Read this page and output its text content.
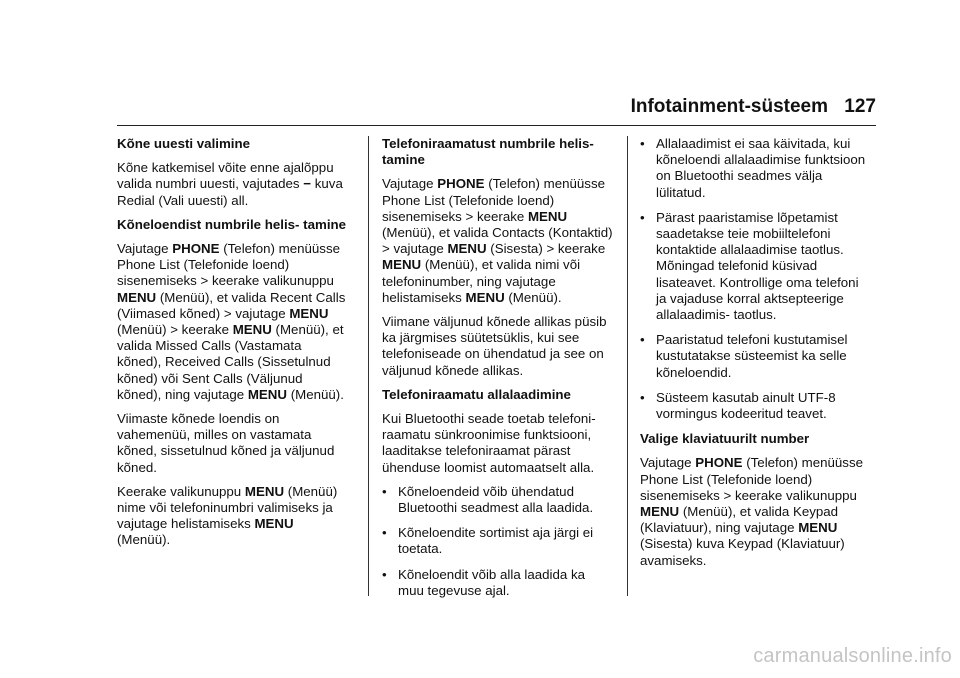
Infotainment-süsteem 127
Kõne uuesti valimine

Kõne katkemisel võite enne ajalõppu valida numbri uuesti, vajutades − kuva Redial (Vali uuesti) all.

Kõneloendist numbrile helis- tamine

Vajutage PHONE (Telefon) menüüsse Phone List (Telefonide loend) sisenemiseks > keerake valikunuppu MENU (Menüü), et valida Recent Calls (Viimased kõned) > vajutage MENU (Menüü) > keerake MENU (Menüü), et valida Missed Calls (Vastamata kõned), Received Calls (Sissetulnud kõned) või Sent Calls (Väljunud kõned), ning vajutage MENU (Menüü).

Viimaste kõnede loendis on vahemenüü, milles on vastamata kõned, sissetulnud kõned ja väljunud kõned.

Keerake valikunuppu MENU (Menüü) nime või telefoninumbri valimiseks ja vajutage helistamiseks MENU (Menüü).

Telefoniraamatust numbrile helis- tamine

Vajutage PHONE (Telefon) menüüsse Phone List (Telefonide loend) sisenemiseks > keerake MENU (Menüü), et valida Contacts (Kontaktid) > vajutage MENU (Sisesta) > keerake MENU (Menüü), et valida nimi või telefoninumber, ning vajutage helistamiseks MENU (Menüü).

Viimane väljunud kõnede allikas püsib ka järgmises süütetsüklis, kui see telefoniseade on ühendatud ja see on väljunud kõnede allikas.

Telefoniraamatu allalaadimine

Kui Bluetoothi seade toetab telefoni- raamatu sünkroonimise funktsiooni, laaditakse telefoniraamat pärast ühenduse loomist automaatselt alla.

• Kõneloendeid võib ühendatud Bluetoothi seadmest alla laadida.
• Kõneloendite sortimist aja järgi ei toetata.
• Kõneloendit võib alla laadida ka muu tegevuse ajal.
• Allalaadimist ei saa käivitada, kui kõneloendi allalaadimise funktsioon on Bluetoothi seadmes välja lülitatud.
• Pärast paaristamise lõpetamist saadetakse teie mobiiltelefoni kontaktide allalaadimise taotlus. Mõningad telefonid küsivad lisateavet. Kontrollige oma telefoni ja vajaduse korral aktsepteerige allalaadimis- taotlus.
• Paaristatud telefoni kustutamisel kustutatakse süsteemist ka selle kõneloendid.
• Süsteem kasutab ainult UTF-8 vormingus kodeeritud teavet.
Valige klaviatuurilt number

Vajutage PHONE (Telefon) menüüsse Phone List (Telefonide loend) sisenemiseks > keerake valikunuppu MENU (Menüü), et valida Keypad (Klaviatuur), ning vajutage MENU (Sisesta) kuva Keypad (Klaviatuur) avamiseks.

carmanualsonline.info
